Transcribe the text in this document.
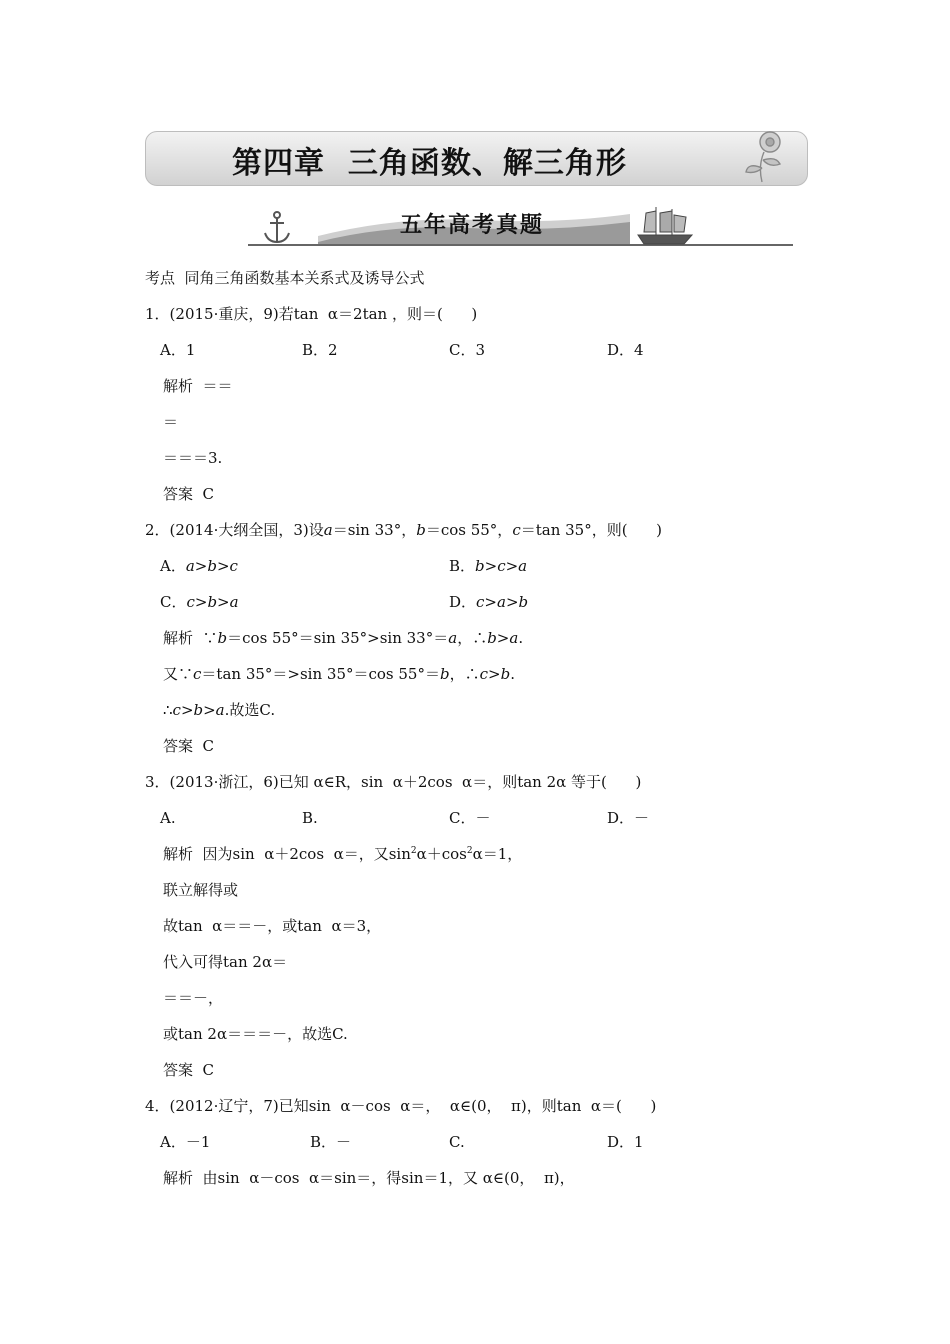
第四章  三角函数、解三角形
五年高考真题
考点  同角三角函数基本关系式及诱导公式
1．(2015·重庆，9)若tan  α＝2tan ，则＝(      )
A．1	B．2	C．3	D．4
解析  ＝＝
＝
＝＝＝3.
答案  C
2．(2014·大纲全国，3)设a＝sin 33°，b＝cos 55°，c＝tan 35°，则(      )
A．a>b>c	B．b>c>a
C．c>b>a	D．c>a>b
解析  ∵b＝cos 55°＝sin 35°>sin 33°＝a，∴b>a.
又∵c＝tan 35°＝>sin 35°＝cos 55°＝b，∴c>b.
∴c>b>a.故选C.
答案  C
3．(2013·浙江，6)已知 α∈R，sin  α＋2cos  α＝，则tan 2α 等于(      )
A.	B.	C．－	D．－
解析  因为sin  α＋2cos  α＝，又$\sin^2\alpha+\cos^2\alpha=1$，
联立解得或
故tan  α＝＝－，或tan  α＝3，
代入可得tan 2α＝
＝＝－，
或tan 2α＝＝＝－，故选C.
答案  C
4．(2012·辽宁，7)已知sin  α－cos  α＝，  α∈(0，  π)，则tan  α＝(      )
A．－1	B．－	C.	D．1
解析  由sin  α－cos  α＝sin＝，得sin＝1，又 α∈(0，  π)，
